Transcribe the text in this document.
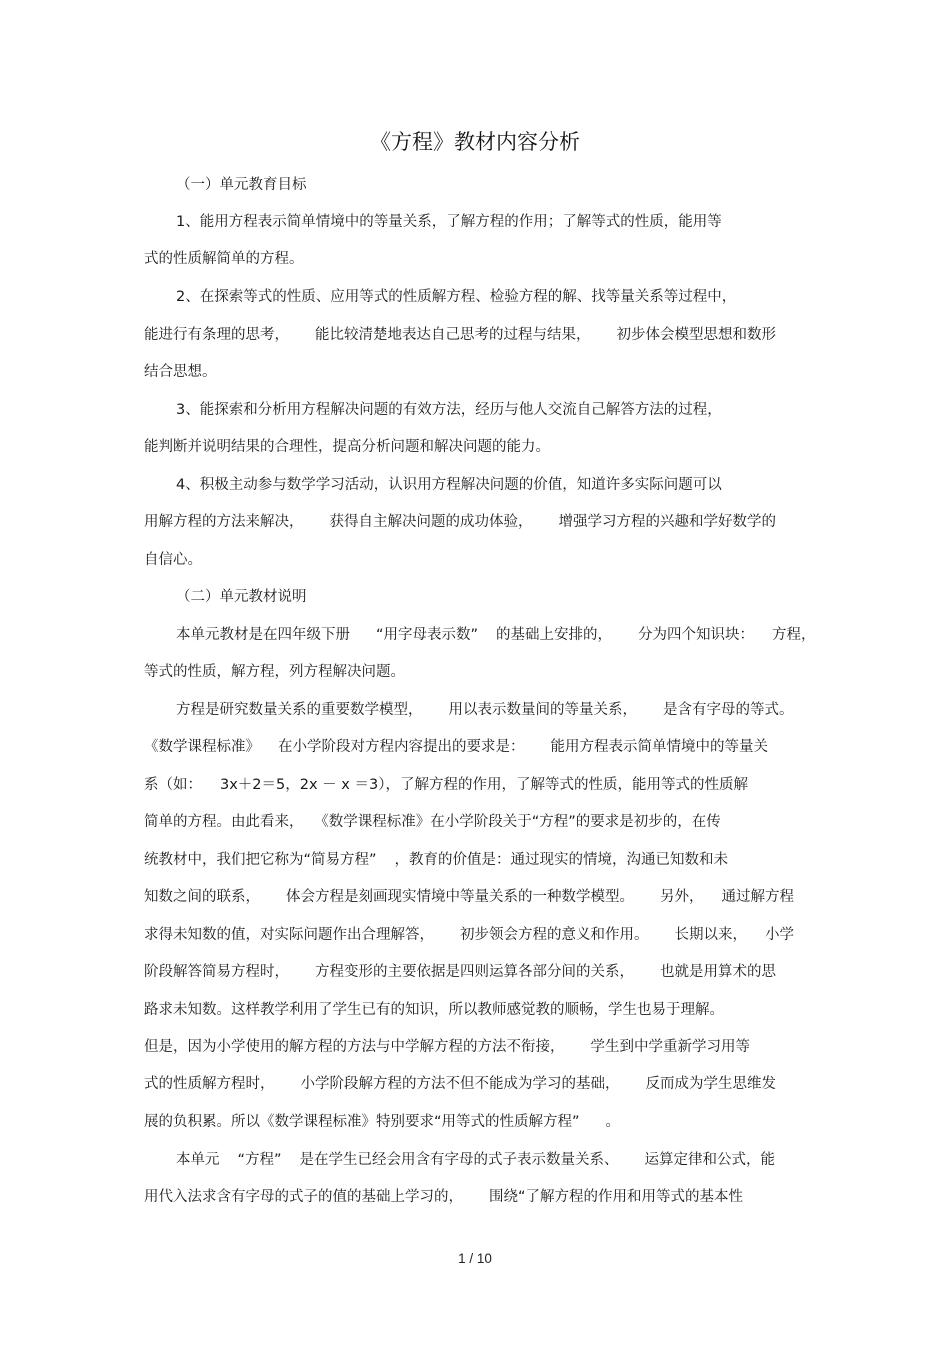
《方程》教材内容分析
（一）单元教育目标
1、能用方程表示简单情境中的等量关系，了解方程的作用；了解等式的性质，能用等
式的性质解简单的方程。
2、在探索等式的性质、应用等式的性质解方程、检验方程的解、找等量关系等过程中，
能进行有条理的思考， 能比较清楚地表达自己思考的过程与结果， 初步体会模型思想和数形
结合思想。
3、能探索和分析用方程解决问题的有效方法，经历与他人交流自己解答方法的过程，
能判断并说明结果的合理性，提高分析问题和解决问题的能力。
4、积极主动参与数学学习活动，认识用方程解决问题的价值，知道许多实际问题可以
用解方程的方法来解决， 获得自主解决问题的成功体验， 增强学习方程的兴趣和学好数学的
自信心。
（二）单元教材说明
本单元教材是在四年级下册 “用字母表示数” 的基础上安排的， 分为四个知识块： 方程，
等式的性质，解方程，列方程解决问题。
方程是研究数量关系的重要数学模型， 用以表示数量间的等量关系， 是含有字母的等式。
《数学课程标准》 在小学阶段对方程内容提出的要求是： 能用方程表示简单情境中的等量关
系（如： 3x＋2＝5，2x － x ＝3），了解方程的作用，了解等式的性质，能用等式的性质解
简单的方程。由此看来， 《数学课程标准》在小学阶段关于“方程”的要求是初步的，在传
统教材中，我们把它称为“简易方程” ，教育的价值是：通过现实的情境，沟通已知数和未
知数之间的联系， 体会方程是刻画现实情境中等量关系的一种数学模型。 另外， 通过解方程
求得未知数的值，对实际问题作出合理解答， 初步领会方程的意义和作用。 长期以来， 小学
阶段解答简易方程时， 方程变形的主要依据是四则运算各部分间的关系， 也就是用算术的思
路求未知数。这样教学利用了学生已有的知识，所以教师感觉教的顺畅，学生也易于理解。
但是，因为小学使用的解方程的方法与中学解方程的方法不衔接， 学生到中学重新学习用等
式的性质解方程时， 小学阶段解方程的方法不但不能成为学习的基础， 反而成为学生思维发
展的负积累。所以《数学课程标准》特别要求“用等式的性质解方程” 。
本单元 “方程” 是在学生已经会用含有字母的式子表示数量关系、 运算定律和公式，能
用代入法求含有字母的式子的值的基础上学习的， 围绕“了解方程的作用和用等式的基本性
1 / 10
